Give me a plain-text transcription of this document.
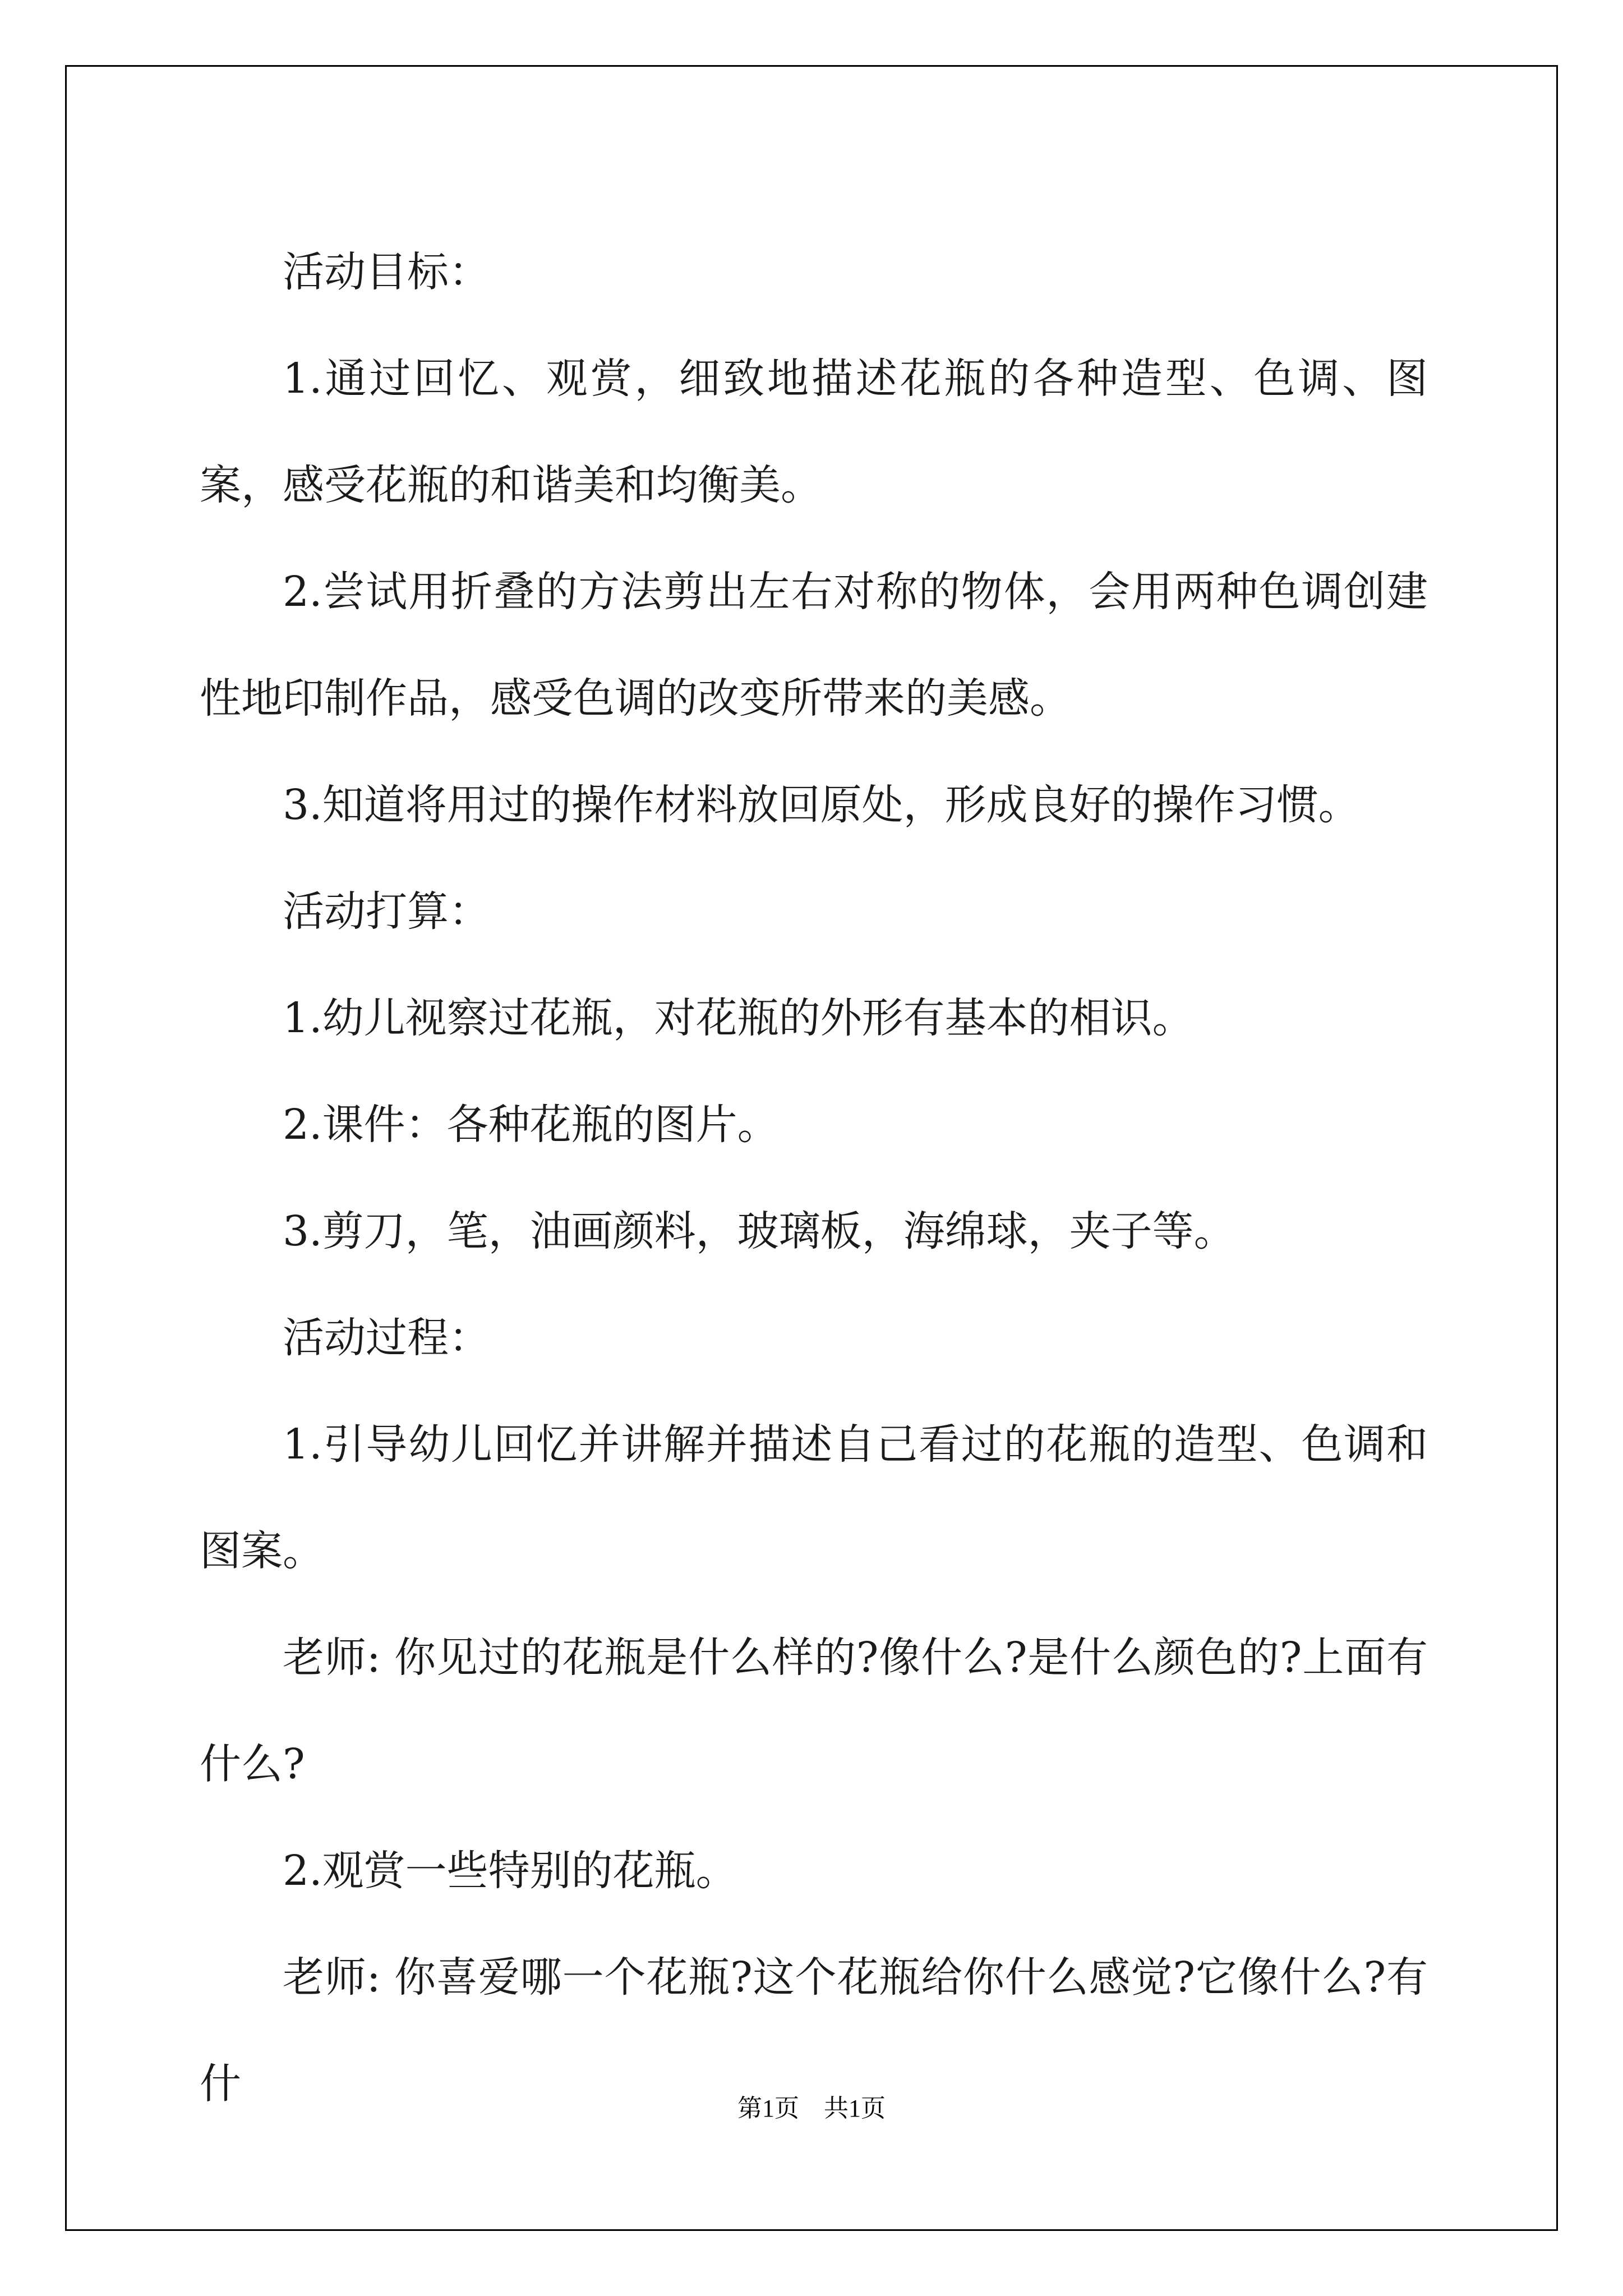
活动目标：

1.通过回忆、观赏，细致地描述花瓶的各种造型、色调、图案，感受花瓶的和谐美和均衡美。

2.尝试用折叠的方法剪出左右对称的物体，会用两种色调创建性地印制作品，感受色调的改变所带来的美感。

3.知道将用过的操作材料放回原处，形成良好的操作习惯。

活动打算：

1.幼儿视察过花瓶，对花瓶的外形有基本的相识。

2.课件：各种花瓶的图片。

3.剪刀，笔，油画颜料，玻璃板，海绵球，夹子等。

活动过程：

1.引导幼儿回忆并讲解并描述自己看过的花瓶的造型、色调和图案。

老师: 你见过的花瓶是什么样的?像什么?是什么颜色的?上面有什么?

2.观赏一些特别的花瓶。

老师: 你喜爱哪一个花瓶?这个花瓶给你什么感觉?它像什么?有什

第1页　共1页
